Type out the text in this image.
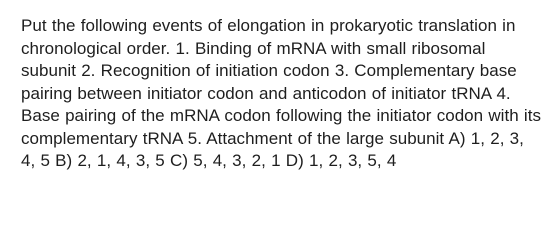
Put the following events of elongation in prokaryotic translation in chronological order. 1. Binding of mRNA with small ribosomal subunit 2. Recognition of initiation codon 3. Complementary base pairing between initiator codon and anticodon of initiator tRNA 4. Base pairing of the mRNA codon following the initiator codon with its complementary tRNA 5. Attachment of the large subunit A) 1, 2, 3, 4, 5 B) 2, 1, 4, 3, 5 C) 5, 4, 3, 2, 1 D) 1, 2, 3, 5, 4
